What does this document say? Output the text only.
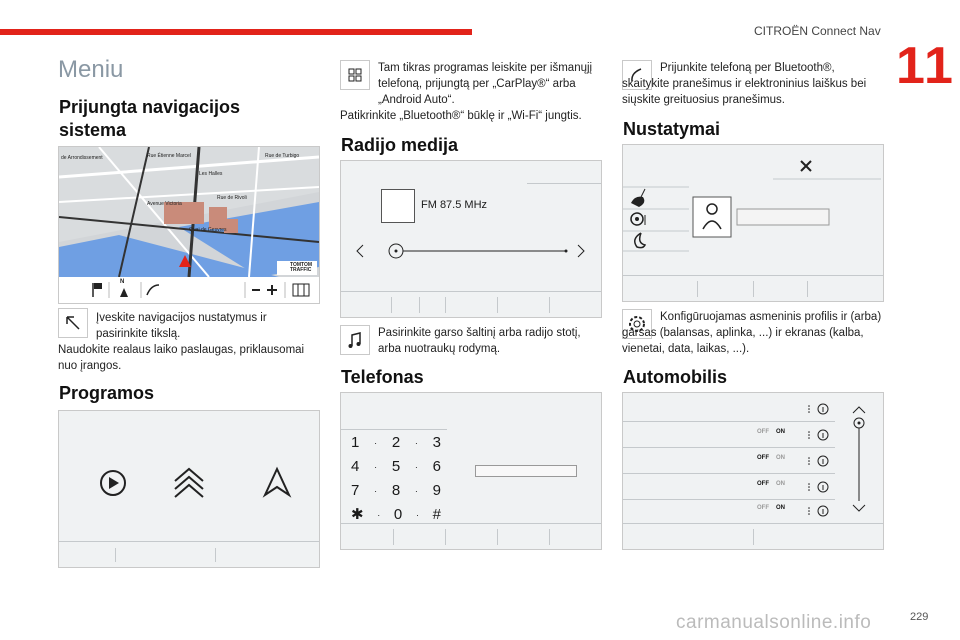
CITROËN Connect Nav
11
229
carmanualsonline.info
Meniu
Prijungta navigacijos sistema
Rue Étienne Marcel
de Arrondissement	Rue de Turbigo
Les Halles
Rue de Rivoli
Avenue Victoria
Quai de Gesvres
TOMTOM TRAFFIC
N
Įveskite navigacijos nustatymus ir pasirinkite tikslą.
Naudokite realaus laiko paslaugas, priklausomai nuo įrangos.
Programos
Tam tikras programas leiskite per išmanųjį telefoną, prijungtą per „CarPlay®“ arba „Android Auto“.
Patikrinkite „Bluetooth®“ būklę ir „Wi-Fi“ jungtis.
Radijo medija
FM 87.5 MHz
Pasirinkite garso šaltinį arba radijo stotį, arba nuotraukų rodymą.
Telefonas
1 · 2 · 3
4 · 5 · 6
7 · 8 · 9
✱ · 0 · #
Prijunkite telefoną per Bluetooth®, skaitykite pranešimus ir elektroninius laiškus bei siųskite greituosius pranešimus.
Nustatymai
Konfigūruojamas asmeninis profilis ir (arba) garsas (balansas, aplinka, ...) ir ekranas (kalba, vienetai, data, laikas, ...).
Automobilis
OFF ON
OFF ON
OFF ON
OFF ON
